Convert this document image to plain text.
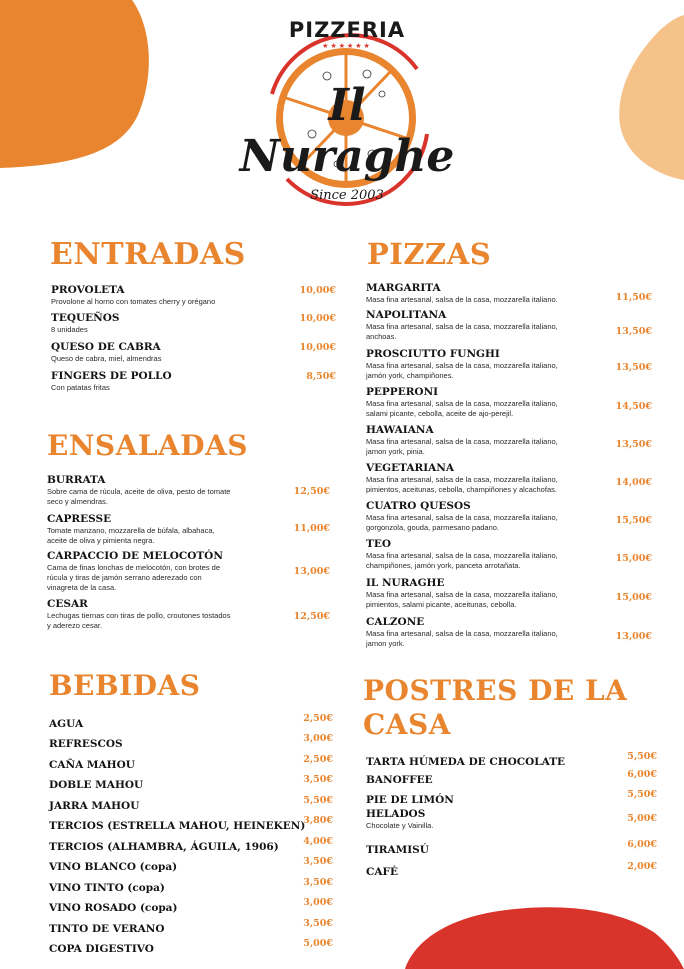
PIZZERIA
★★★★★★
Il Nuraghe
Since 2003
ENTRADAS
PROVOLETA
Provolone al horno con tomates cherry y orégano
10,00€
TEQUEÑOS
8 unidades
10,00€
QUESO DE CABRA
Queso de cabra, miel, almendras
10,00€
FINGERS DE POLLO
Con patatas fritas
8,50€
ENSALADAS
BURRATA
Sobre cama de rúcula, aceite de oliva, pesto de tomate
seco y almendras.
12,50€
CAPRESSE
Tomate manzano, mozzarella de búfala, albahaca,
aceite de oliva y pimienta negra.
11,00€
CARPACCIO DE MELOCOTÓN
Cama de finas lonchas de melocotón, con brotes de
rúcula y tiras de jamón serrano aderezado con
vinagreta de la casa.
13,00€
CESAR
Lechugas tiernas con tiras de pollo, croutones tostados
y aderezo cesar.
12,50€
BEBIDAS
AGUA	2,50€
REFRESCOS	3,00€
CAÑA MAHOU	2,50€
DOBLE MAHOU	3,50€
JARRA MAHOU	5,50€
TERCIOS (ESTRELLA MAHOU, HEINEKEN)
3,80€
TERCIOS (ALHAMBRA, ÁGUILA, 1906)	4,00€
VINO BLANCO (copa)	3,50€
VINO TINTO (copa)	3,50€
VINO ROSADO (copa)	3,00€
TINTO DE VERANO	3,50€
COPA DIGESTIVO	5,00€
PIZZAS
MARGARITA
Masa fina artesanal, salsa de la casa, mozzarella italiano.	11,50€
NAPOLITANA
Masa fina artesanal, salsa de la casa, mozzarella italiano,
anchoas.	13,50€
PROSCIUTTO FUNGHI
Masa fina artesanal, salsa de la casa, mozzarella italiano,
jamón york, champiñones.
13,50€
PEPPERONI
Masa fina artesanal, salsa de la casa, mozzarella italiano,
salami picante, cebolla, aceite de ajo-perejil.
14,50€
HAWAIANA
Masa fina artesanal, salsa de la casa, mozzarella italiano,
jamon york, pinia.
13,50€
VEGETARIANA
Masa fina artesanal, salsa de la casa, mozzarella italiano,
pimientos, aceitunas, cebolla, champiñones y alcachofas.
14,00€
CUATRO QUESOS
Masa fina artesanal, salsa de la casa, mozzarella italiano,
gorgonzola, gouda, parmesano padano.
15,50€
TEO
Masa fina artesanal, salsa de la casa, mozzarella italiano,
champiñones, jamón york, panceta arrotañata.
15,00€
IL NURAGHE
Masa fina artesanal, salsa de la casa, mozzarella italiano,
pimientos, salami picante, aceitunas, cebolla.
15,00€
CALZONE
Masa fina artesanal, salsa de la casa, mozzarella italiano,
jamon york.
13,00€
POSTRES DE LA
CASA
TARTA HÚMEDA DE CHOCOLATE	5,50€
BANOFFEE	6,00€
PIE DE LIMÓN	5,50€
HELADOS
Chocolate y Vainilla.
5,00€
TIRAMISÚ	6,00€
CAFÉ	2,00€
